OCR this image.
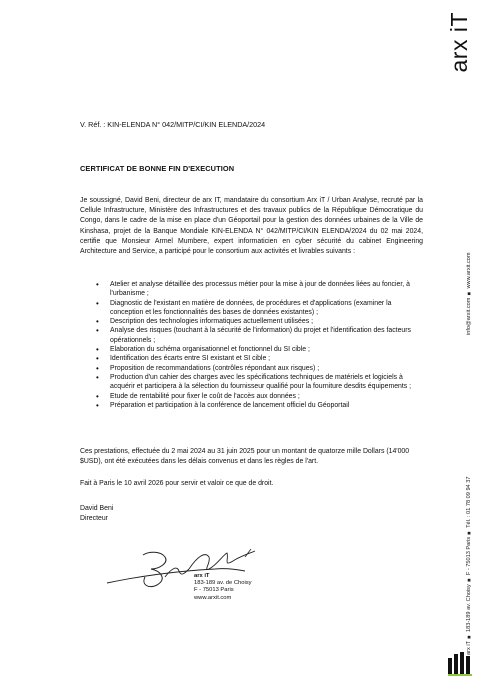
arx iT
info@arxit.com ■ www.arxit.com
arx iT ■ 183-189 av. Choisy ■ F - 75013 Paris ■ Tél. : 01 78 09 94 37
V. Réf. : KIN-ELENDA N° 042/MITP/CI/KIN ELENDA/2024
CERTIFICAT DE BONNE FIN D'EXECUTION
Je soussigné, David Beni, directeur de arx IT, mandataire du consortium Arx iT / Urban Analyse, recruté par la Cellule Infrastructure, Ministère des Infrastructures et des travaux publics de la République Démocratique du Congo, dans le cadre de la mise en place d'un Géoportail pour la gestion des données urbaines de la Ville de Kinshasa, projet de la Banque Mondiale KIN-ELENDA N° 042/MITP/CI/KIN ELENDA/2024 du 02 mai 2024, certifie que Monsieur Armel Mumbere, expert informaticien en cyber sécurité du cabinet Engineering Architecture and Service, a participé pour le consortium aux activités et livrables suivants :
• Atelier et analyse détaillée des processus métier pour la mise à jour de données liées au foncier, à l'urbanisme ;
• Diagnostic de l'existant en matière de données, de procédures et d'applications (examiner la conception et les fonctionnalités des bases de données existantes) ;
• Description des technologies informatiques actuellement utilisées ;
• Analyse des risques (touchant à la sécurité de l'information) du projet et l'identification des facteurs opérationnels ;
• Elaboration du schéma organisationnel et fonctionnel du SI cible ;
• Identification des écarts entre SI existant et SI cible ;
• Proposition de recommandations (contrôles répondant aux risques) ;
• Production d'un cahier des charges avec les spécifications techniques de matériels et logiciels à acquérir et participera à la sélection du fournisseur qualifié pour la fourniture desdits équipements ;
• Etude de rentabilité pour fixer le coût de l'accès aux données ;
• Préparation et participation à la conférence de lancement officiel du Géoportail
Ces prestations, effectuée du 2 mai 2024 au 31 juin 2025 pour un montant de quatorze mille Dollars (14'000 $USD), ont été exécutées dans les délais convenus et dans les règles de l'art.
Fait à Paris le 10 avril 2026 pour servir et valoir ce que de droit.
David Beni
Directeur
arx iT
183-189 av. de Choisy
F - 75013 Paris
www.arxit.com
